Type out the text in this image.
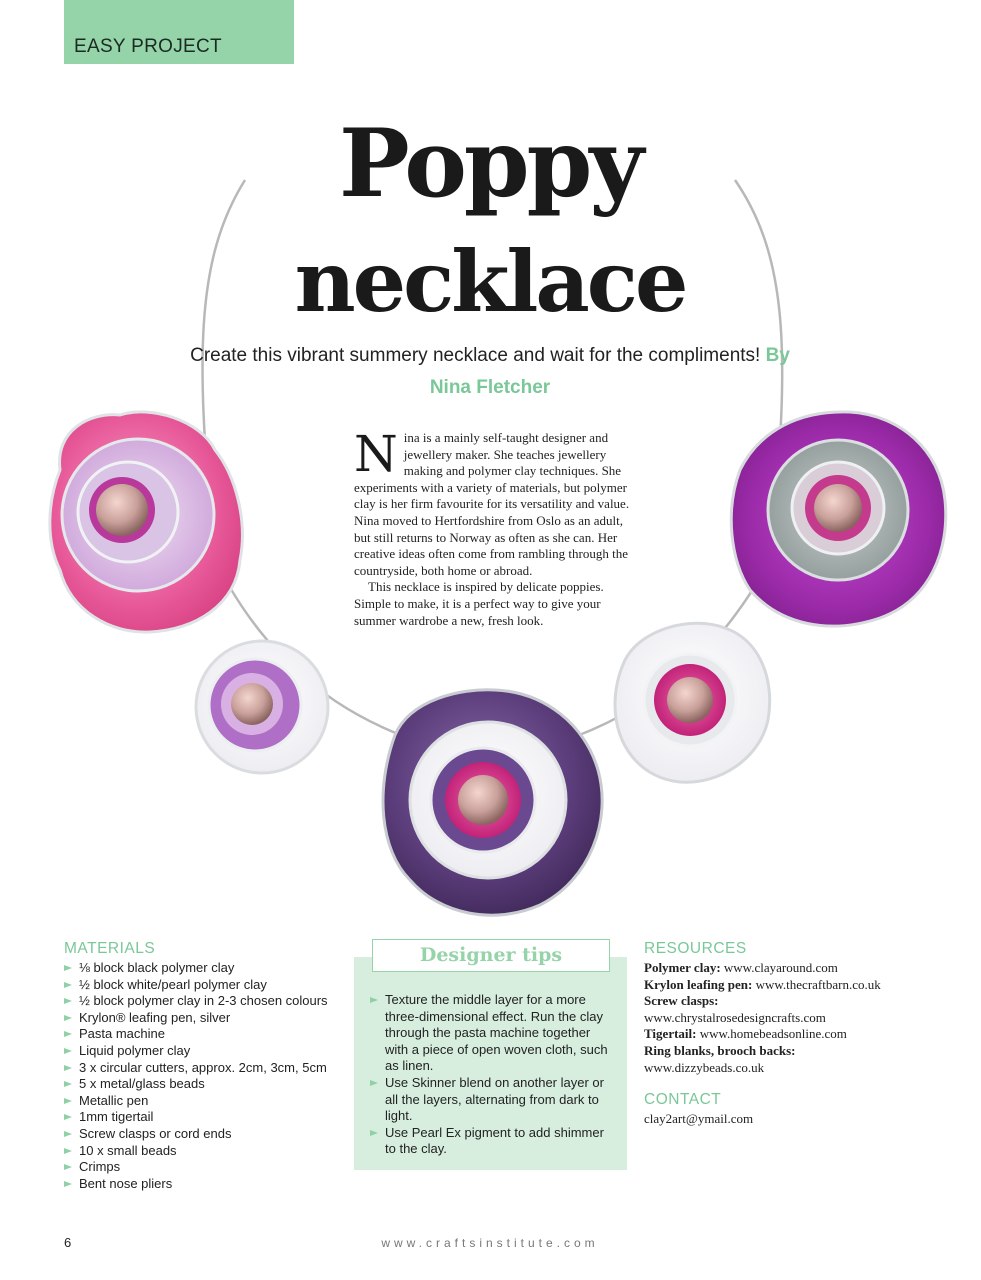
EASY PROJECT
Poppy
necklace
Create this vibrant summery necklace and wait for the compliments! By Nina Fletcher

Nina is a mainly self-taught designer and jewellery maker. She teaches jewellery making and polymer clay techniques. She experiments with a variety of materials, but polymer clay is her firm favourite for its versatility and value. Nina moved to Hertfordshire from Oslo as an adult, but still returns to Norway as often as she can. Her creative ideas often come from rambling through the countryside, both home or abroad.

This necklace is inspired by delicate poppies. Simple to make, it is a perfect way to give your summer wardrobe a new, fresh look.

MATERIALS
⅛ block black polymer clay
½ block white/pearl polymer clay
½ block polymer clay in 2-3 chosen colours
Krylon® leafing pen, silver
Pasta machine
Liquid polymer clay
3 x circular cutters, approx. 2cm, 3cm, 5cm
5 x metal/glass beads
Metallic pen
1mm tigertail
Screw clasps or cord ends
10 x small beads
Crimps
Bent nose pliers
Texture the middle layer for a more three-dimensional effect. Run the clay through the pasta machine together with a piece of open woven cloth, such as linen.
Use Skinner blend on another layer or all the layers, alternating from dark to light.
Use Pearl Ex pigment to add shimmer to the clay.
Designer tips	RESOURCES
Polymer clay: www.clayaround.com
Krylon leafing pen: www.thecraftbarn.co.uk
Screw clasps:
www.chrystalrosedesigncrafts.com
Tigertail: www.homebeadsonline.com
Ring blanks, brooch backs:
www.dizzybeads.co.uk
CONTACT
clay2art@ymail.com
6	www.craftsinstitute.com
